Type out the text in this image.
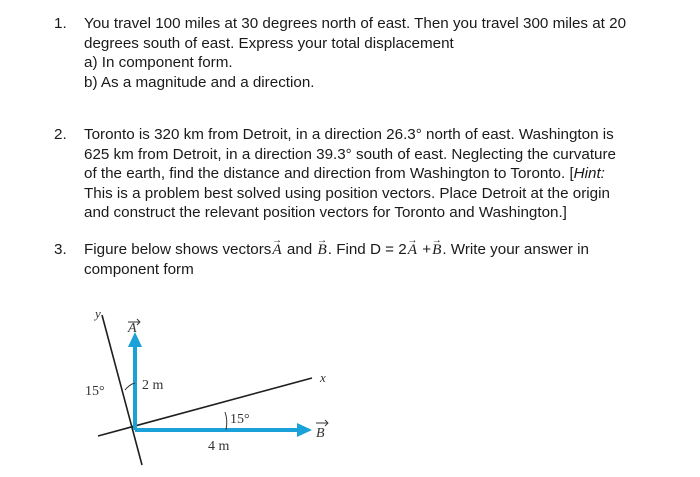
1. You travel 100 miles at 30 degrees north of east. Then you travel 300 miles at 20
degrees south of east. Express your total displacement
a) In component form.
b) As a magnitude and a direction.
2. Toronto is 320 km from Detroit, in a direction 26.3° north of east. Washington is
625 km from Detroit, in a direction 39.3° south of east. Neglecting the curvature
of the earth, find the distance and direction from Washington to Toronto. [Hint:
This is a problem best solved using position vectors. Place Detroit at the origin
and construct the relevant position vectors for Toronto and Washington.]
3. Figure below shows vectors→ A and → B. Find D = 2→ A +→ B. Write your answer in
component form
y
x
A
B
15°
15°
2 m
4 m
